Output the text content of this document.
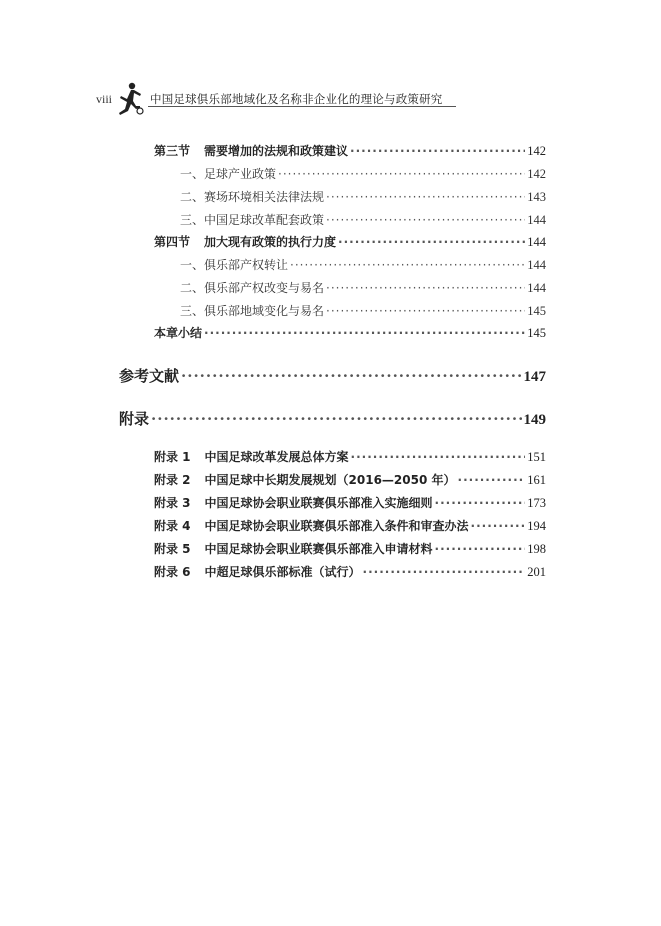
viii	中国足球俱乐部地域化及名称非企业化的理论与政策研究
第三节 需要增加的法规和政策建议 ·····	142
一、足球产业政策 ·····	142
二、赛场环境相关法律法规 ·····	143
三、中国足球改革配套政策 ·····	144
第四节 加大现有政策的执行力度 ·····	144
一、俱乐部产权转让 ·····	144
二、俱乐部产权改变与易名 ·····	144
三、俱乐部地域变化与易名 ·····	145
本章小结 ·····	145
参考文献 ·····	147
附录 ·····	149
附录 1 中国足球改革发展总体方案 ·····	151
附录 2 中国足球中长期发展规划（2016—2050 年） ·····	161
附录 3 中国足球协会职业联赛俱乐部准入实施细则 ·····	173
附录 4 中国足球协会职业联赛俱乐部准入条件和审查办法 ·····	194
附录 5 中国足球协会职业联赛俱乐部准入申请材料 ·····	198
附录 6 中超足球俱乐部标准（试行） ·····	201
